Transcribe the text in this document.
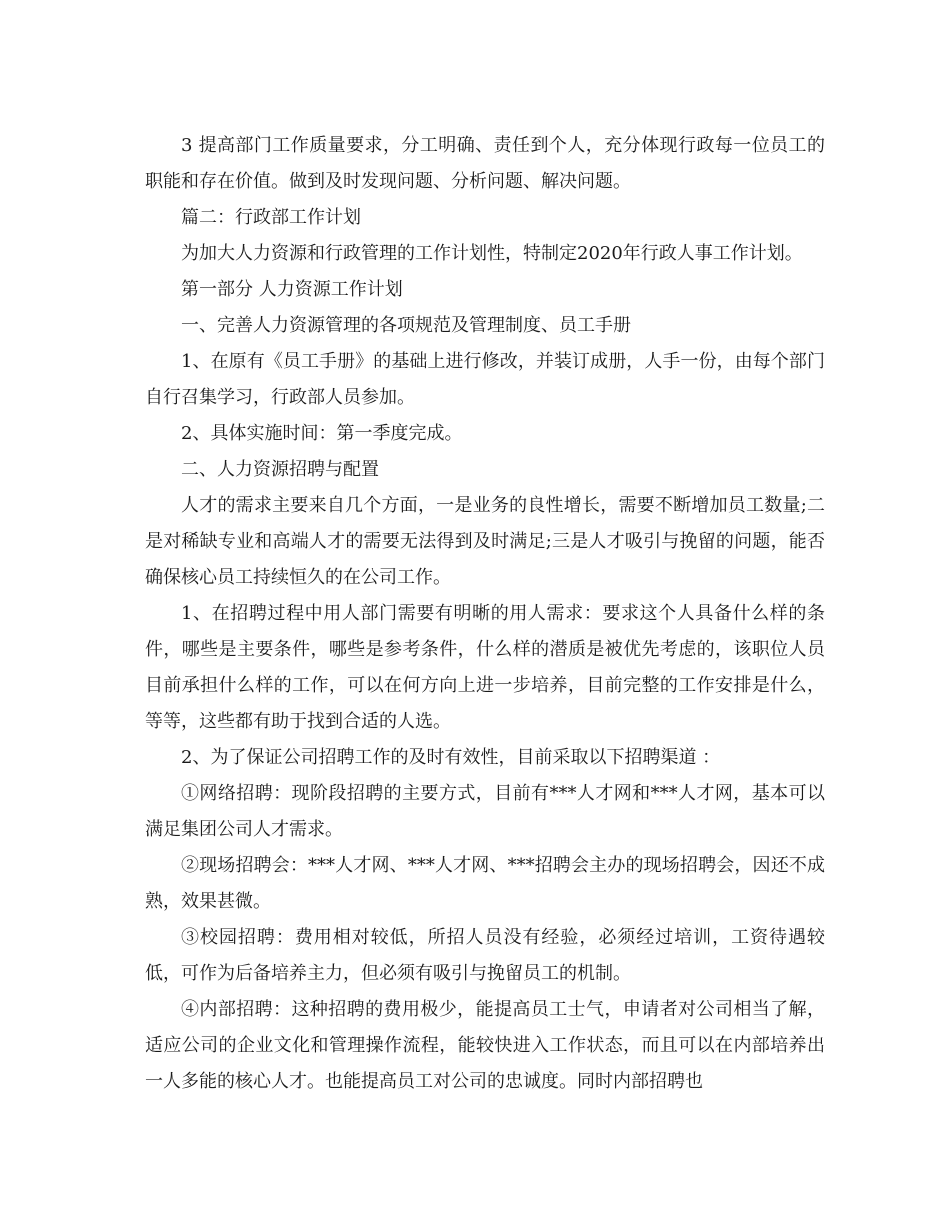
3 提高部门工作质量要求，分工明确、责任到个人，充分体现行政每一位员工的职能和存在价值。做到及时发现问题、分析问题、解决问题。

篇二：行政部工作计划

为加大人力资源和行政管理的工作计划性，特制定2020年行政人事工作计划。

第一部分 人力资源工作计划

一、完善人力资源管理的各项规范及管理制度、员工手册

1、在原有《员工手册》的基础上进行修改，并装订成册，人手一份，由每个部门自行召集学习，行政部人员参加。

2、具体实施时间：第一季度完成。

二、人力资源招聘与配置

人才的需求主要来自几个方面，一是业务的良性增长，需要不断增加员工数量;二是对稀缺专业和高端人才的需要无法得到及时满足;三是人才吸引与挽留的问题，能否确保核心员工持续恒久的在公司工作。

1、在招聘过程中用人部门需要有明晰的用人需求：要求这个人具备什么样的条件，哪些是主要条件，哪些是参考条件，什么样的潜质是被优先考虑的，该职位人员目前承担什么样的工作，可以在何方向上进一步培养，目前完整的工作安排是什么，等等，这些都有助于找到合适的人选。

2、为了保证公司招聘工作的及时有效性，目前采取以下招聘渠道 ：

①网络招聘：现阶段招聘的主要方式，目前有***人才网和***人才网，基本可以满足集团公司人才需求。

②现场招聘会：***人才网、***人才网、***招聘会主办的现场招聘会，因还不成熟，效果甚微。

③校园招聘：费用相对较低，所招人员没有经验，必须经过培训，工资待遇较低，可作为后备培养主力，但必须有吸引与挽留员工的机制。

④内部招聘：这种招聘的费用极少，能提高员工士气，申请者对公司相当了解，适应公司的企业文化和管理操作流程，能较快进入工作状态，而且可以在内部培养出一人多能的核心人才。也能提高员工对公司的忠诚度。同时内部招聘也
